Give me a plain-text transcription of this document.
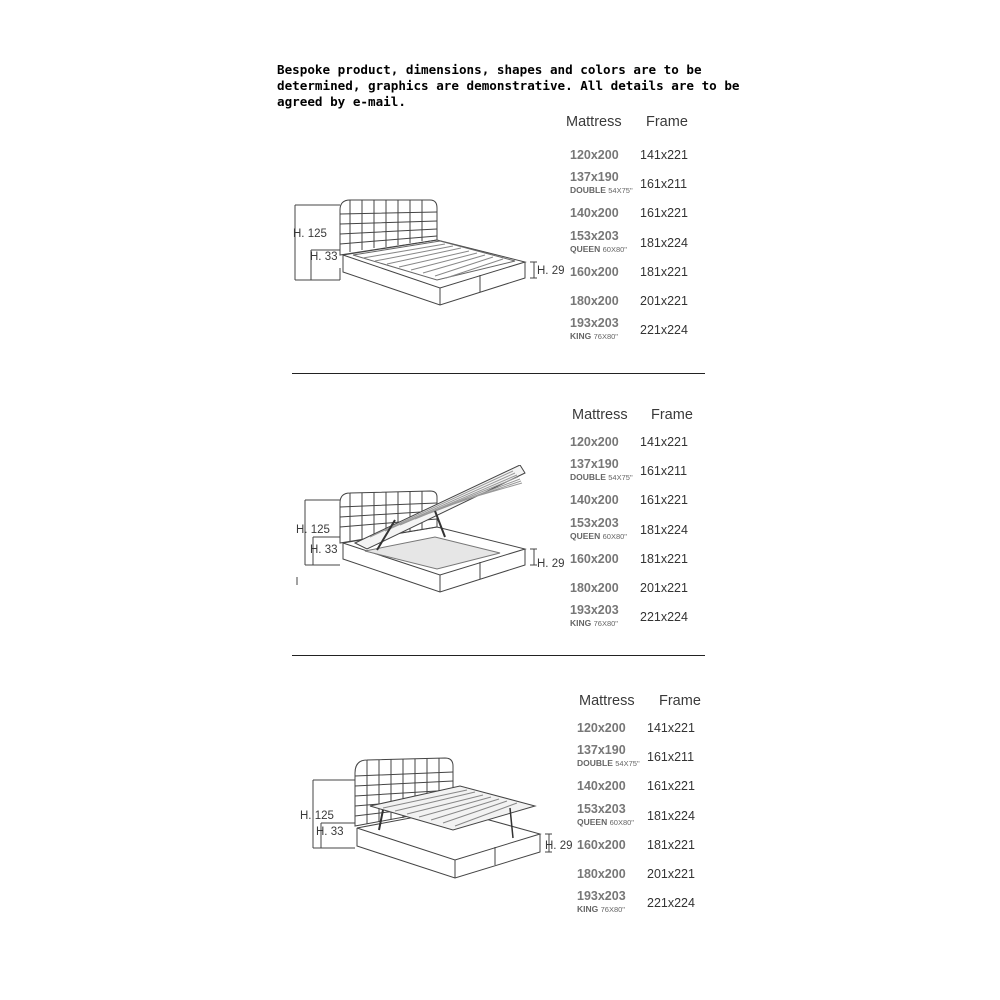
Bespoke product, dimensions, shapes and colors are to be
determined, graphics are demonstrative. All details are to be
agreed by e-mail.

H. 125
H. 33
H. 29
Mattress Frame
120x200 141x221
137x190
DOUBLE 54X75" 161x211
140x200 161x221
153x203
QUEEN 60X80" 181x224
160x200 181x221
180x200 201x221
193x203
KING 76X80" 221x224
H. 125
H. 33
H. 29
Mattress Frame
120x200 141x221
137x190
DOUBLE 54X75" 161x211
140x200 161x221
153x203
QUEEN 60X80" 181x224
160x200 181x221
180x200 201x221
193x203
KING 76X80" 221x224
H. 125
H. 33
H. 29
Mattress Frame
120x200 141x221
137x190
DOUBLE 54X75" 161x211
140x200 161x221
153x203
QUEEN 60X80" 181x224
160x200 181x221
180x200 201x221
193x203
KING 76X80" 221x224
